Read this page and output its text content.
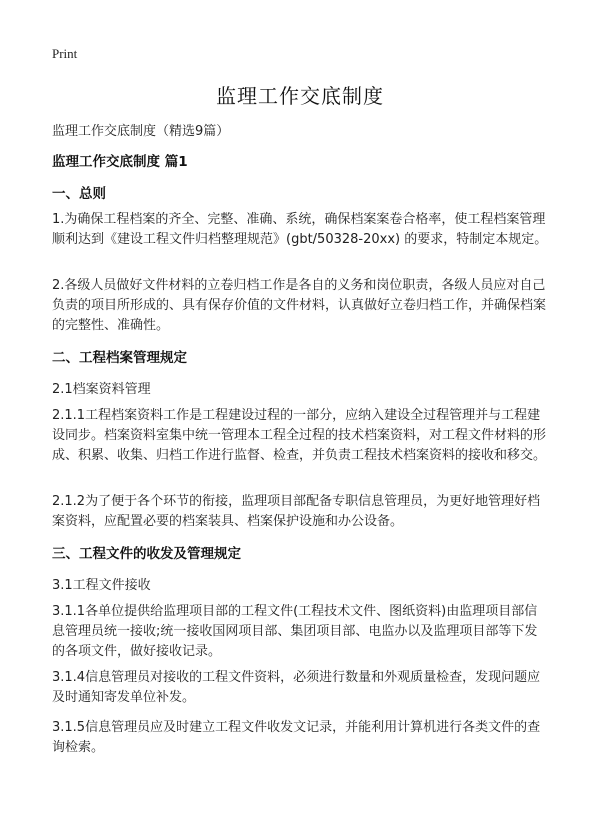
Print
监理工作交底制度
监理工作交底制度（精选9篇）
监理工作交底制度 篇1
一、总则
1.为确保工程档案的齐全、完整、准确、系统，确保档案案卷合格率，使工程档案管理顺利达到《建设工程文件归档整理规范》(gbt/50328-20xx) 的要求，特制定本规定。
2.各级人员做好文件材料的立卷归档工作是各自的义务和岗位职责，各级人员应对自己负责的项目所形成的、具有保存价值的文件材料，认真做好立卷归档工作，并确保档案的完整性、准确性。
二、工程档案管理规定
2.1档案资料管理
2.1.1工程档案资料工作是工程建设过程的一部分，应纳入建设全过程管理并与工程建设同步。档案资料室集中统一管理本工程全过程的技术档案资料，对工程文件材料的形成、积累、收集、归档工作进行监督、检查，并负责工程技术档案资料的接收和移交。
2.1.2为了便于各个环节的衔接，监理项目部配备专职信息管理员，为更好地管理好档案资料，应配置必要的档案装具、档案保护设施和办公设备。
三、工程文件的收发及管理规定
3.1工程文件接收
3.1.1各单位提供给监理项目部的工程文件(工程技术文件、图纸资料)由监理项目部信息管理员统一接收;统一接收国网项目部、集团项目部、电监办以及监理项目部等下发的各项文件，做好接收记录。
3.1.4信息管理员对接收的工程文件资料，必须进行数量和外观质量检查，发现问题应及时通知寄发单位补发。
3.1.5信息管理员应及时建立工程文件收发文记录，并能利用计算机进行各类文件的查询检索。
